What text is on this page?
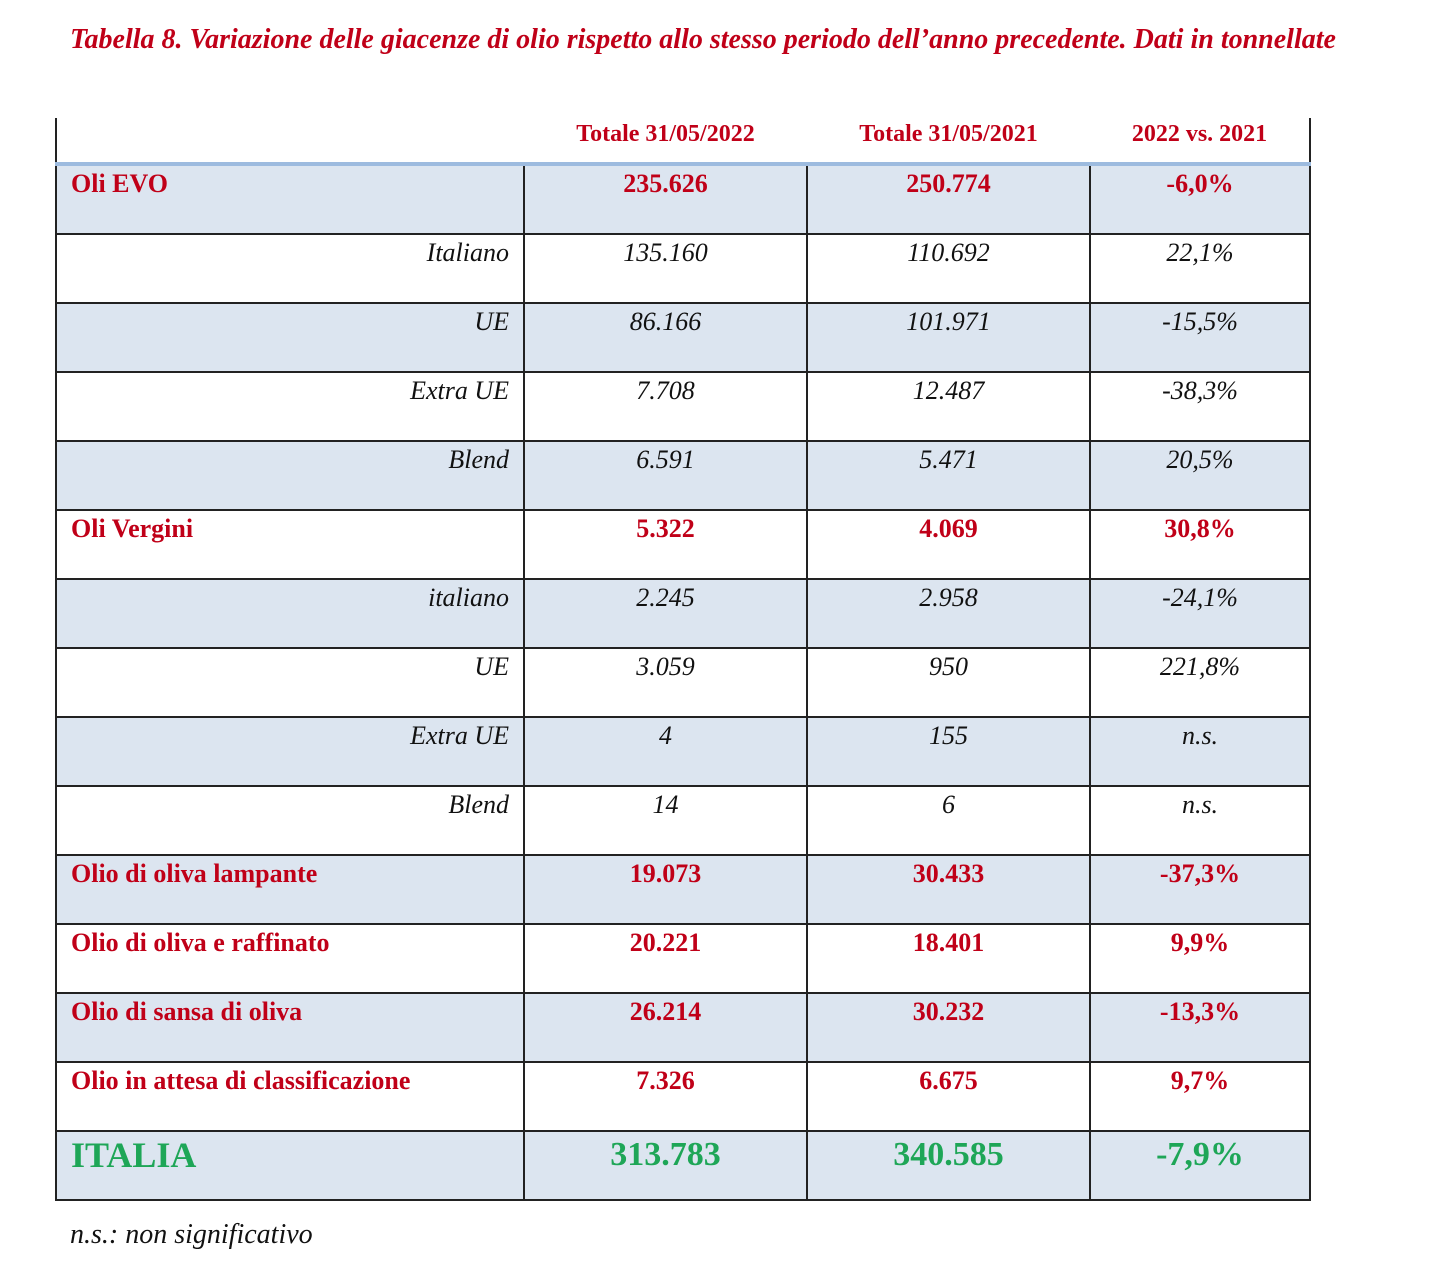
Tabella 8. Variazione delle giacenze di olio rispetto allo stesso periodo dell’anno precedente. Dati in tonnellate

	Totale 31/05/2022	Totale 31/05/2021	2022 vs. 2021

Oli EVO	235.626	250.774	-6,0%

Italiano	135.160	110.692	22,1%

UE	86.166	101.971	-15,5%

Extra UE	7.708	12.487	-38,3%

Blend	6.591	5.471	20,5%

Oli Vergini	5.322	4.069	30,8%

italiano	2.245	2.958	-24,1%

UE	3.059	950	221,8%

Extra UE	4	155	n.s.

Blend	14	6	n.s.

Olio di oliva lampante	19.073	30.433	-37,3%

Olio di oliva e raffinato	20.221	18.401	9,9%

Olio di sansa di oliva	26.214	30.232	-13,3%

Olio in attesa di classificazione	7.326	6.675	9,7%

ITALIA	313.783	340.585	-7,9%

n.s.: non significativo
